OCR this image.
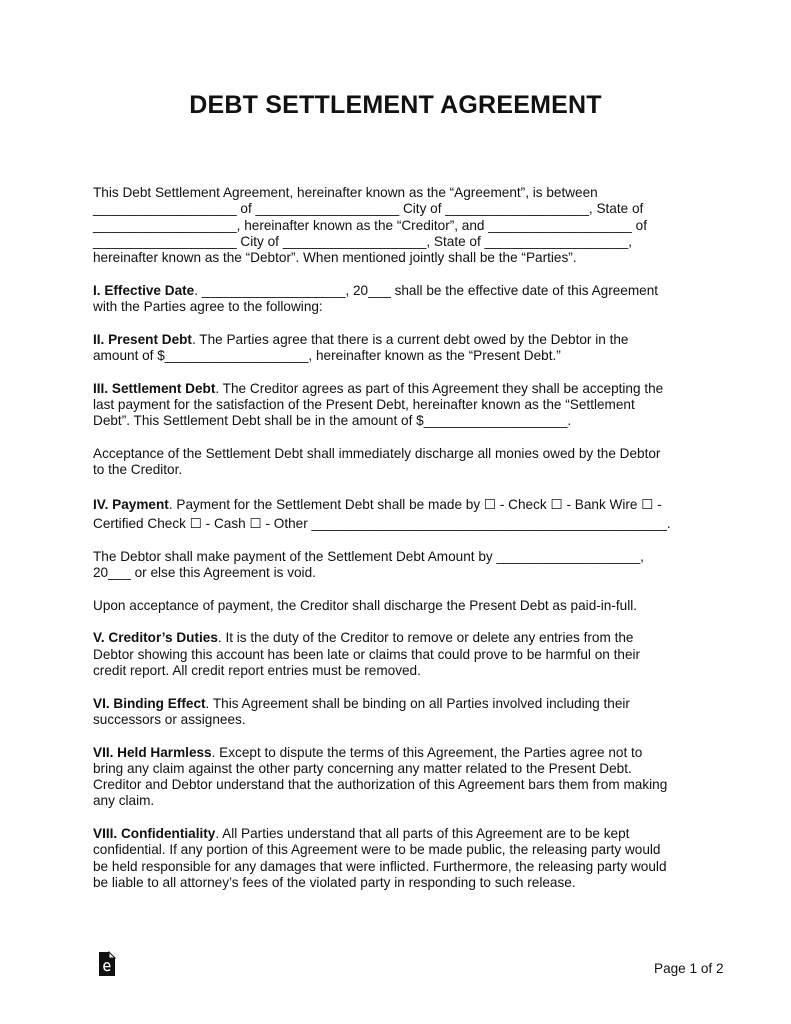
DEBT SETTLEMENT AGREEMENT
This Debt Settlement Agreement, hereinafter known as the “Agreement”, is between
___________________ of ___________________ City of ___________________, State of
___________________, hereinafter known as the “Creditor”, and ___________________ of
___________________ City of ___________________, State of ___________________,
hereinafter known as the “Debtor”. When mentioned jointly shall be the “Parties”.
I. Effective Date. ___________________, 20___ shall be the effective date of this Agreement
with the Parties agree to the following:
II. Present Debt. The Parties agree that there is a current debt owed by the Debtor in the
amount of $___________________, hereinafter known as the “Present Debt.”
III. Settlement Debt. The Creditor agrees as part of this Agreement they shall be accepting the
last payment for the satisfaction of the Present Debt, hereinafter known as the “Settlement
Debt”. This Settlement Debt shall be in the amount of $___________________.
Acceptance of the Settlement Debt shall immediately discharge all monies owed by the Debtor
to the Creditor.
IV. Payment. Payment for the Settlement Debt shall be made by ☐ - Check ☐ - Bank Wire ☐ -
Certified Check ☐ - Cash ☐ - Other _______________________________________________.
The Debtor shall make payment of the Settlement Debt Amount by ___________________,
20___ or else this Agreement is void.
Upon acceptance of payment, the Creditor shall discharge the Present Debt as paid-in-full.
V. Creditor’s Duties. It is the duty of the Creditor to remove or delete any entries from the
Debtor showing this account has been late or claims that could prove to be harmful on their
credit report. All credit report entries must be removed.
VI. Binding Effect. This Agreement shall be binding on all Parties involved including their
successors or assignees.
VII. Held Harmless. Except to dispute the terms of this Agreement, the Parties agree not to
bring any claim against the other party concerning any matter related to the Present Debt.
Creditor and Debtor understand that the authorization of this Agreement bars them from making
any claim.
VIII. Confidentiality. All Parties understand that all parts of this Agreement are to be kept
confidential. If any portion of this Agreement were to be made public, the releasing party would
be held responsible for any damages that were inflicted. Furthermore, the releasing party would
be liable to all attorney’s fees of the violated party in responding to such release.
Page 1 of 2
